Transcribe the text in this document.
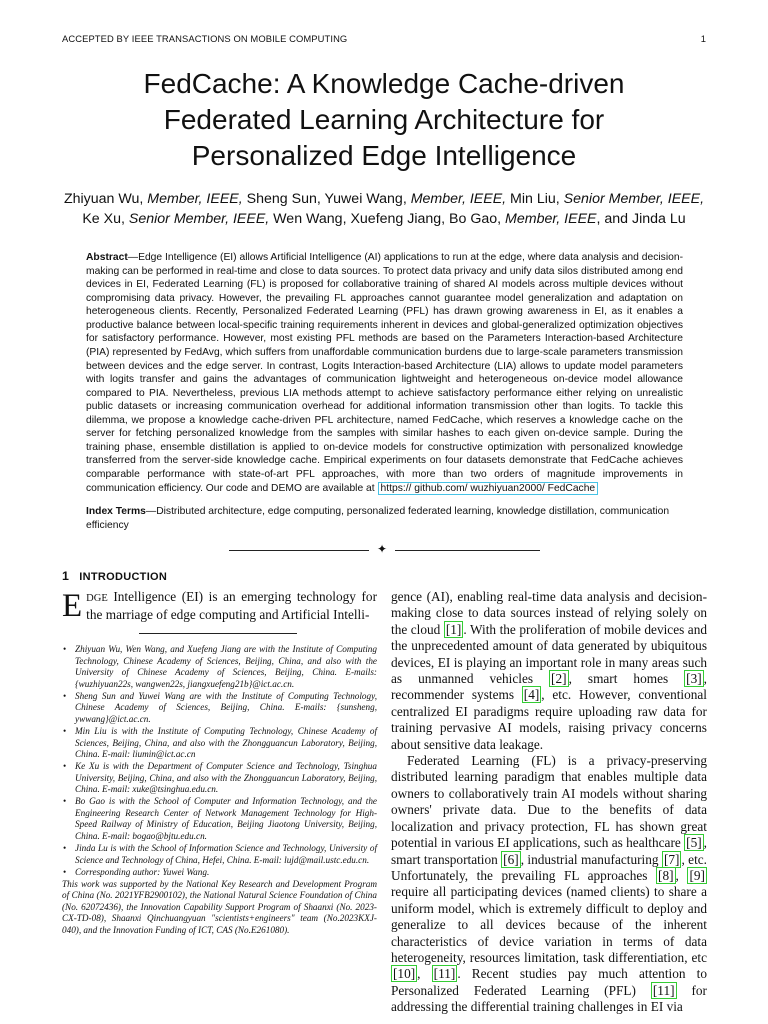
ACCEPTED BY IEEE TRANSACTIONS ON MOBILE COMPUTING	1
FedCache: A Knowledge Cache-driven Federated Learning Architecture for Personalized Edge Intelligence
Zhiyuan Wu, Member, IEEE, Sheng Sun, Yuwei Wang, Member, IEEE, Min Liu, Senior Member, IEEE,
Ke Xu, Senior Member, IEEE, Wen Wang, Xuefeng Jiang, Bo Gao, Member, IEEE, and Jinda Lu
Abstract—Edge Intelligence (EI) allows Artificial Intelligence (AI) applications to run at the edge, where data analysis and decision-making can be performed in real-time and close to data sources. To protect data privacy and unify data silos distributed among end devices in EI, Federated Learning (FL) is proposed for collaborative training of shared AI models across multiple devices without compromising data privacy. However, the prevailing FL approaches cannot guarantee model generalization and adaptation on heterogeneous clients. Recently, Personalized Federated Learning (PFL) has drawn growing awareness in EI, as it enables a productive balance between local-specific training requirements inherent in devices and global-generalized optimization objectives for satisfactory performance. However, most existing PFL methods are based on the Parameters Interaction-based Architecture (PIA) represented by FedAvg, which suffers from unaffordable communication burdens due to large-scale parameters transmission between devices and the edge server. In contrast, Logits Interaction-based Architecture (LIA) allows to update model parameters with logits transfer and gains the advantages of communication lightweight and heterogeneous on-device model allowance compared to PIA. Nevertheless, previous LIA methods attempt to achieve satisfactory performance either relying on unrealistic public datasets or increasing communication overhead for additional information transmission other than logits. To tackle this dilemma, we propose a knowledge cache-driven PFL architecture, named FedCache, which reserves a knowledge cache on the server for fetching personalized knowledge from the samples with similar hashes to each given on-device sample. During the training phase, ensemble distillation is applied to on-device models for constructive optimization with personalized knowledge transferred from the server-side knowledge cache. Empirical experiments on four datasets demonstrate that FedCache achieves comparable performance with state-of-art PFL approaches, with more than two orders of magnitude improvements in communication efficiency. Our code and DEMO are available at https:// github.com/ wuzhiyuan2000/ FedCache
Index Terms—Distributed architecture, edge computing, personalized federated learning, knowledge distillation, communication efficiency
✦
1 INTRODUCTION
EDGE Intelligence (EI) is an emerging technology for the marriage of edge computing and Artificial Intelli-
• Zhiyuan Wu, Wen Wang, and Xuefeng Jiang are with the Institute of Computing Technology, Chinese Academy of Sciences, Beijing, China, and also with the University of Chinese Academy of Sciences, Beijing, China. E-mails: {wuzhiyuan22s, wangwen22s, jiangxuefeng21b}@ict.ac.cn.
• Sheng Sun and Yuwei Wang are with the Institute of Computing Technology, Chinese Academy of Sciences, Beijing, China. E-mails: {sunsheng, ywwang}@ict.ac.cn.
• Min Liu is with the Institute of Computing Technology, Chinese Academy of Sciences, Beijing, China, and also with the Zhongguancun Laboratory, Beijing, China. E-mail: liumin@ict.ac.cn
• Ke Xu is with the Department of Computer Science and Technology, Tsinghua University, Beijing, China, and also with the Zhongguancun Laboratory, Beijing, China. E-mail: xuke@tsinghua.edu.cn.
• Bo Gao is with the School of Computer and Information Technology, and the Engineering Research Center of Network Management Technology for High-Speed Railway of Ministry of Education, Beijing Jiaotong University, Beijing, China. E-mail: bogao@bjtu.edu.cn.
• Jinda Lu is with the School of Information Science and Technology, University of Science and Technology of China, Hefei, China. E-mail: lujd@mail.ustc.edu.cn.
• Corresponding author: Yuwei Wang.

This work was supported by the National Key Research and Development Program of China (No. 2021YFB2900102), the National Natural Science Foundation of China (No. 62072436), the Innovation Capability Support Program of Shaanxi (No. 2023-CX-TD-08), Shaanxi Qinchuangyuan "scientists+engineers" team (No.2023KXJ-040), and the Innovation Funding of ICT, CAS (No.E261080).

gence (AI), enabling real-time data analysis and decision-making close to data sources instead of relying solely on the cloud [1] . With the proliferation of mobile devices and the unprecedented amount of data generated by ubiquitous devices, EI is playing an important role in many areas such as unmanned vehicles [2] , smart homes [3] , recommender systems [4] , etc. However, conventional centralized EI paradigms require uploading raw data for training pervasive AI models, raising privacy concerns about sensitive data leakage.

Federated Learning (FL) is a privacy-preserving distributed learning paradigm that enables multiple data owners to collaboratively train AI models without sharing owners' private data. Due to the benefits of data localization and privacy protection, FL has shown great potential in various EI applications, such as healthcare [5] , smart transportation [6] , industrial manufacturing [7] , etc. Unfortunately, the prevailing FL approaches [8] , [9] require all participating devices (named clients) to share a uniform model, which is extremely difficult to deploy and generalize to all devices because of the inherent characteristics of device variation in terms of data heterogeneity, resources limitation, task differentiation, etc [10] , [11] . Recent studies pay much attention to Personalized Federated Learning (PFL) [11] for addressing the differential training challenges in EI via
